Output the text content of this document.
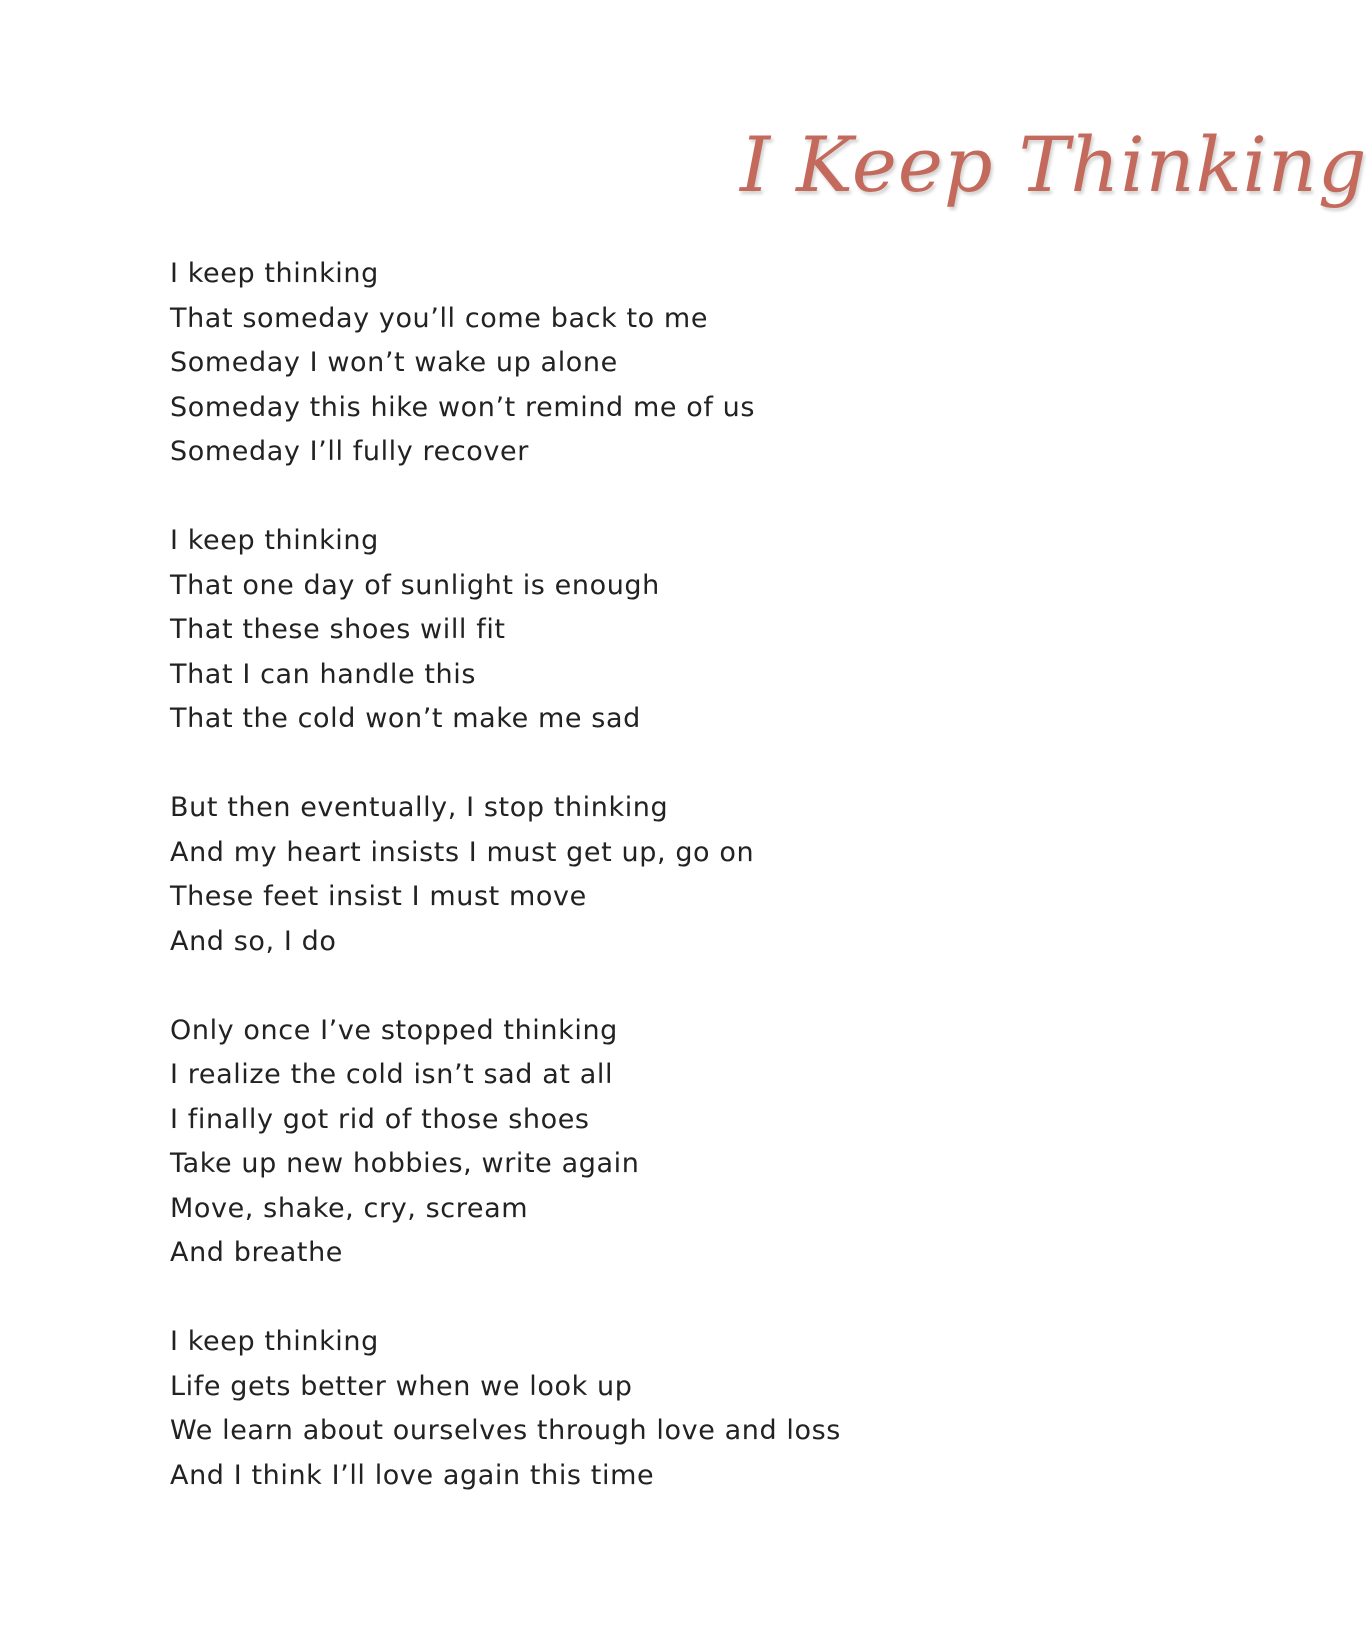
I Keep Thinking
I keep thinking
That someday you’ll come back to me
Someday I won’t wake up alone
Someday this hike won’t remind me of us
Someday I’ll fully recover
I keep thinking
That one day of sunlight is enough
That these shoes will fit
That I can handle this
That the cold won’t make me sad
But then eventually, I stop thinking
And my heart insists I must get up, go on
These feet insist I must move
And so, I do
Only once I’ve stopped thinking
I realize the cold isn’t sad at all
I finally got rid of those shoes
Take up new hobbies, write again
Move, shake, cry, scream
And breathe
I keep thinking
Life gets better when we look up
We learn about ourselves through love and loss
And I think I’ll love again this time
